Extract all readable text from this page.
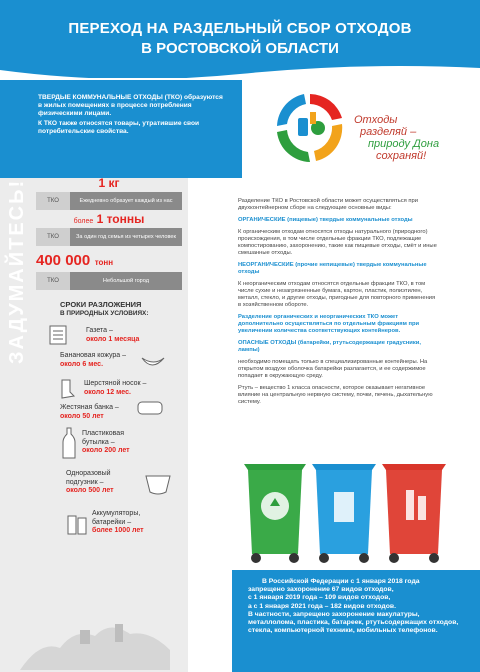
ПЕРЕХОД НА РАЗДЕЛЬНЫЙ СБОР ОТХОДОВ
В РОСТОВСКОЙ ОБЛАСТИ

ТВЕРДЫЕ КОММУНАЛЬНЫЕ ОТХОДЫ (ТКО) образуются в жилых помещениях в процессе потребления физическими лицами.

К ТКО также относятся товары, утратившие свои потребительские свойства.

Отходы
разделяй –
природу Дона
сохраняй!
ЗАДУМАЙТЕСЬ!	1 кг
ТКО	Ежедневно образует каждый из нас
более 1 тонны
ТКО	За один год семья из четырех человек
400 000 тонн
ТКО	Небольшой город
СРОКИ РАЗЛОЖЕНИЯ
В ПРИРОДНЫХ УСЛОВИЯХ:
Газета –
около 1 месяца
Банановая кожура –
около 6 мес.
Шерстяной носок –
около 12 мес.
Жестяная банка –
около 50 лет
Пластиковая бутылка –
около 200 лет
Одноразовый подгузник –
около 500 лет
Аккумуляторы, батарейки –
более 1000 лет

Разделение ТКО в Ростовской области может осуществляться при двухконтейнерном сборе на следующие основные виды:

ОРГАНИЧЕСКИЕ (пищевые) твердые коммунальные отходы

К органическим отходам относятся отходы натурального (природного) происхождения, в том числе отдельные фракции ТКО, подлежащие компостированию, захоронению, такие как пищевые отходы, смёт и иные смешанные отходы.

НЕОРГАНИЧЕСКИЕ (прочие непищевые) твердые коммунальные отходы

К неорганическим отходам относятся отдельные фракции ТКО, в том числе сухие и незагрязненные бумага, картон, пластик, полиэтилен, металл, стекло, и другие отходы, пригодные для повторного применения в хозяйственном обороте.

Разделение органических и неорганических ТКО может дополнительно осуществляться по отдельным фракциям при увеличении количества соответствующих контейнеров.

ОПАСНЫЕ ОТХОДЫ (батарейки, ртутьсодержащие градусники, лампы)

необходимо помещать только в специализированные контейнеры. На открытом воздухе оболочка батарейки разлагается, и ее содержимое попадает в окружающую среду.

Ртуть – вещество 1 класса опасности, которое оказывает негативное влияние на центральную нервную систему, почки, печень, дыхательную систему.

В Российской Федерации с 1 января 2018 года

запрещено захоронение 67 видов отходов,

с 1 января 2019 года – 109 видов отходов,

а с 1 января 2021 года – 182 видов отходов.

В частности, запрещено захоронение макулатуры, металлолома, пластика, батареек, ртутьсодержащих отходов, стекла, компьютерной техники, мобильных телефонов.
